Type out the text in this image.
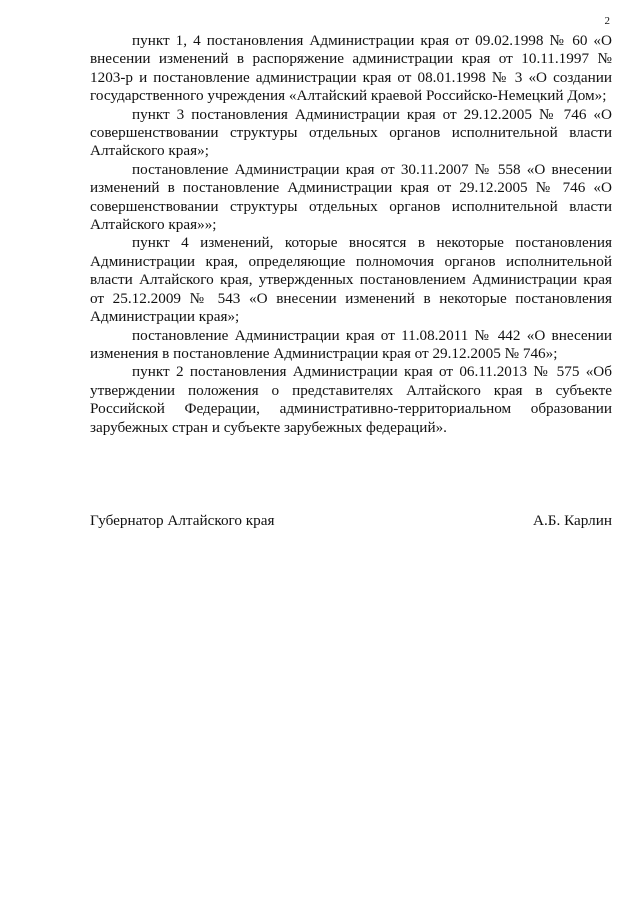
2

пункт 1, 4 постановления Администрации края от 09.02.1998 № 60 «О внесении изменений в распоряжение администрации края от 10.11.1997 № 1203-р и постановление администрации края от 08.01.1998 № 3 «О создании государственного учреждения «Алтайский краевой Российско-Немецкий Дом»;

пункт 3 постановления Администрации края от 29.12.2005 № 746 «О совершенствовании структуры отдельных органов исполнительной власти Алтайского края»;

постановление Администрации края от 30.11.2007 № 558 «О внесении изменений в постановление Администрации края от 29.12.2005 № 746 «О совершенствовании структуры отдельных органов исполнительной власти Алтайского края»»;

пункт 4 изменений, которые вносятся в некоторые постановления Администрации края, определяющие полномочия органов исполнительной власти Алтайского края, утвержденных постановлением Администрации края от 25.12.2009 № 543 «О внесении изменений в некоторые постановления Администрации края»;

постановление Администрации края от 11.08.2011 № 442 «О внесении изменения в постановление Администрации края от 29.12.2005 № 746»;

пункт 2 постановления Администрации края от 06.11.2013 № 575 «Об утверждении положения о представителях Алтайского края в субъекте Российской Федерации, административно-территориальном образовании зарубежных стран и субъекте зарубежных федераций».

Губернатор Алтайского края	А.Б. Карлин
